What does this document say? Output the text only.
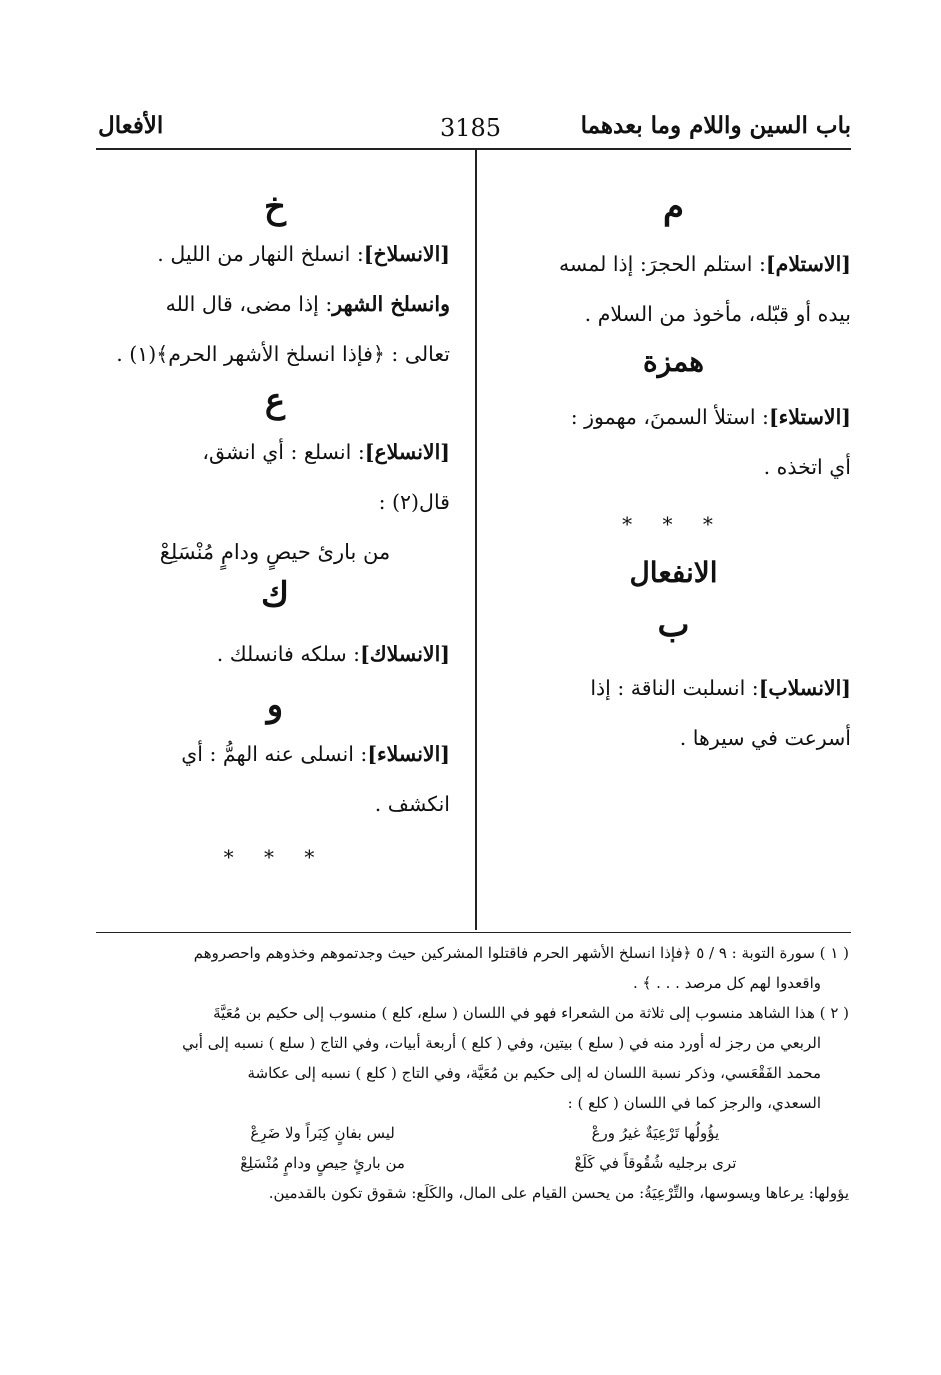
باب السين واللام وما بعدهما
3185
الأفعال

م

[الاستلام]: استلم الحجرَ: إذا لمسه
بيده أو قبّله، مأخوذ من السلام .

همزة

[الاستلاء]: استلأ السمنَ، مهموز :
أي اتخذه .

* * *

الانفعال

ب

[الانسلاب]: انسلبت الناقة : إذا
أسرعت في سيرها .

خ

[الانسلاخ]: انسلخ النهار من الليل .
وانسلخ الشهر: إذا مضى، قال الله
تعالى : ﴿فإذا انسلخ الأشهر الحرم﴾(١) .

ع

[الانسلاع]: انسلع : أي انشق،
قال(٢) :

من بارئ حيصٍ ودامٍ مُنْسَلِعْ

ك

[الانسلاك]: سلكه فانسلك .

و

[الانسلاء]: انسلى عنه الهمُّ : أي
انكشف .

* * *

( ١ ) سورة التوبة : ٩ / ٥ ﴿فإذا انسلخ الأشهر الحرم فاقتلوا المشركين حيث وجدتموهم وخذوهم واحصروهم

واقعدوا لهم كل مرصد . . . ﴾ .

( ٢ ) هذا الشاهد منسوب إلى ثلاثة من الشعراء فهو في اللسان ( سلع، كلع ) منسوب إلى حكيم بن مُعَيَّةَ

الربعي من رجز له أورد منه في ( سلع ) بيتين، وفي ( كلع ) أربعة أبيات، وفي التاج ( سلع ) نسبه إلى أبي

محمد الفَقْعَسي، وذكر نسبة اللسان له إلى حكيم بن مُعَيَّة، وفي التاج ( كلع ) نسبه إلى عكاشة

السعدي، والرجز كما في اللسان ( كلع ) :

يؤُولُها تَرْعِيَةٌ غيرُ ورعْ
ليس بفانٍ كِبَراً ولا ضَرِعْ
ترى برجليه شُقُوقاً في كَلَعْ
من بارئٍ حِيصٍ ودامٍ مُنْسَلِعْ

يؤولها: يرعاها ويسوسها، والتِّرْعِيَةُ: من يحسن القيام على المال، والكَلَع: شقوق تكون بالقدمين.
